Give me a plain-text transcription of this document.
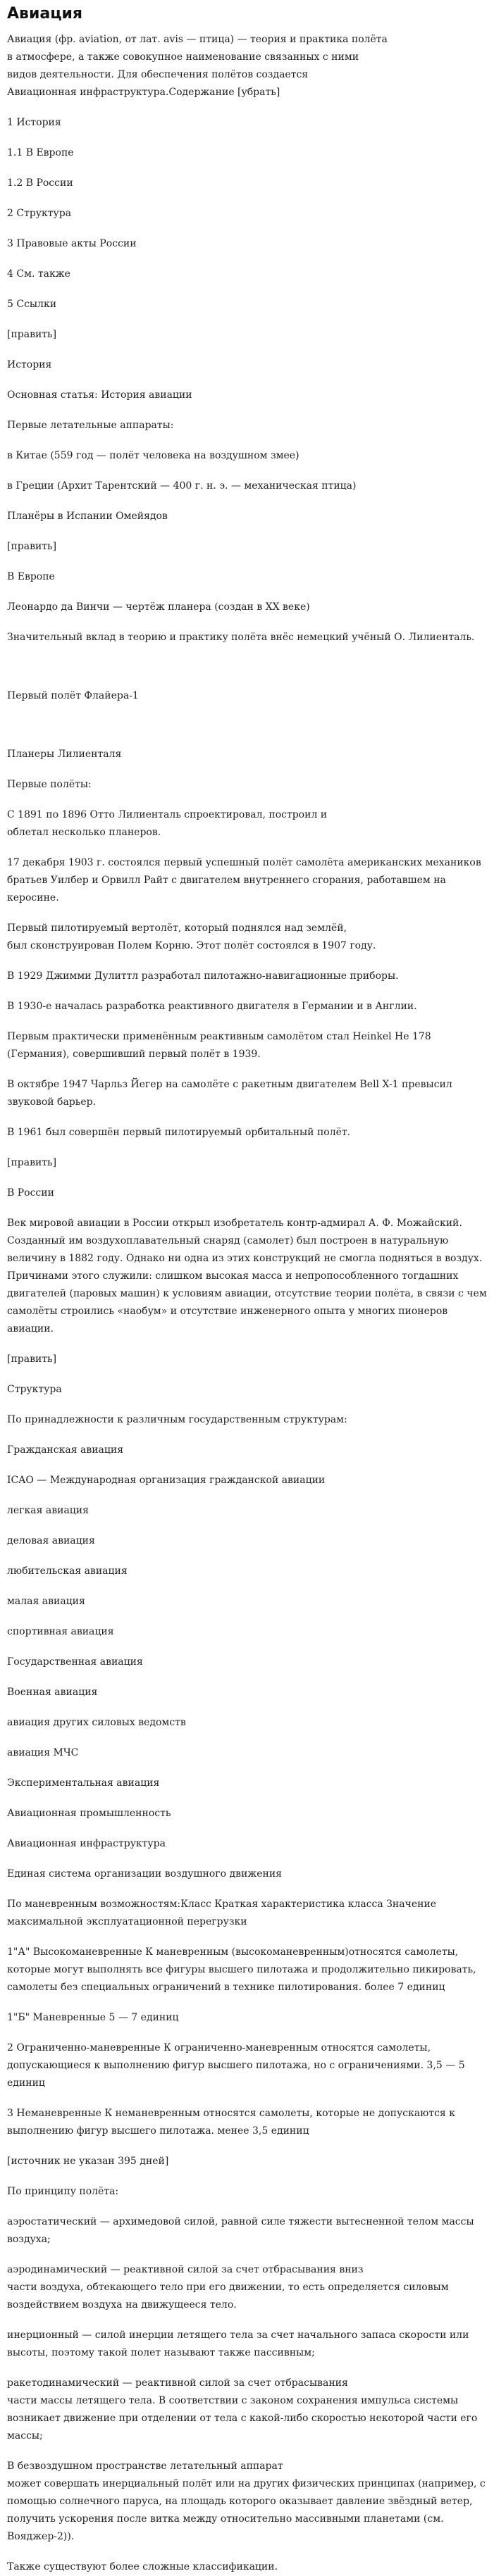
Авиация
Авиация (фр. aviation, от лат. avis — птица) — теория и практика полёта
в атмосфере, а также совокупное наименование связанных с ними
видов деятельности. Для обеспечения полётов создается
Авиационная инфраструктура.Содержание [убрать]

1 История

1.1 В Европе

1.2 В России

2 Структура

3 Правовые акты России

4 См. также

5 Ссылки

[править]

История

Основная статья: История авиации

Первые летательные аппараты:

в Китае (559 год — полёт человека на воздушном змее)

в Греции (Архит Тарентский — 400 г. н. э. — механическая птица)

Планёры в Испании Омейядов

[править]

В Европе

Леонардо да Винчи — чертёж планера (создан в XX веке)

Значительный вклад в теорию и практику полёта внёс немецкий учёный О. Лилиенталь.

Первый полёт Флайера-1

Планеры Лилиенталя

Первые полёты:

С 1891 по 1896 Отто Лилиенталь спроектировал, построил и
облетал несколько планеров.

17 декабря 1903 г. состоялся первый успешный полёт самолёта американских механиков братьев Уилбер и Орвилл Райт с двигателем внутреннего сгорания, работавшем на керосине.

Первый пилотируемый вертолёт, который поднялся над землёй,
был сконструирован Полем Корню. Этот полёт состоялся в 1907 году.

В 1929 Джимми Дулиттл разработал пилотажно-навигационные приборы.

В 1930-е началась разработка реактивного двигателя в Германии и в Англии.

Первым практически применённым реактивным самолётом стал Heinkel He 178 (Германия), совершивший первый полёт в 1939.

В октябре 1947 Чарльз Йегер на самолёте с ракетным двигателем Bell X-1 превысил звуковой барьер.

В 1961 был совершён первый пилотируемый орбитальный полёт.

[править]

В России

Век мировой авиации в России открыл изобретатель контр-адмирал А. Ф. Можайский. Созданный им воздухоплавательный снаряд (самолет) был построен в натуральную величину в 1882 году. Однако ни одна из этих конструкций не смогла подняться в воздух. Причинами этого служили: слишком высокая масса и непропособленного тогдашних двигателей (паровых машин) к условиям авиации, отсутствие теории полёта, в связи с чем самолёты строились «наобум» и отсутствие инженерного опыта у многих пионеров авиации.

[править]

Структура

По принадлежности к различным государственным структурам:

Гражданская авиация

ICAO — Международная организация гражданской авиации

легкая авиация

деловая авиация

любительская авиация

малая авиация

спортивная авиация

Государственная авиация

Военная авиация

авиация других силовых ведомств

авиация МЧС

Экспериментальная авиация

Авиационная промышленность

Авиационная инфраструктура

Единая система организации воздушного движения

По маневренным возможностям:Класс Краткая характеристика класса Значение максимальной эксплуатационной перегрузки

1"А" Высокоманевренные К маневренным (высокоманевренным)относятся самолеты, которые могут выполнять все фигуры высшего пилотажа и продолжительно пикировать, самолеты без специальных ограничений в технике пилотирования. более 7 единиц

1"Б" Маневренные 5 — 7 единиц

2 Ограниченно-маневренные К ограниченно-маневренным относятся самолеты, допускающиеся к выполнению фигур высшего пилотажа, но с ограничениями. 3,5 — 5 единиц

3 Неманевренные К неманевренным относятся самолеты, которые не допускаются к выполнению фигур высшего пилотажа. менее 3,5 единиц

[источник не указан 395 дней]

По принципу полёта:

аэростатический — архимедовой силой, равной силе тяжести вытесненной телом массы воздуха;

аэродинамический — реактивной силой за счет отбрасывания вниз
части воздуха, обтекающего тело при его движении, то есть определяется силовым воздействием воздуха на движущееся тело.

инерционный — силой инерции летящего тела за счет начального запаса скорости или высоты, поэтому такой полет называют также пассивным;

ракетодинамический — реактивной силой за счет отбрасывания
части массы летящего тела. В соответствии с законом сохранения импульса системы возникает движение при отделении от тела с какой-либо скоростью некоторой части его массы;

В безвоздушном пространстве летательный аппарат
может совершать инерциальный полёт или на других физических принципах (например, с помощью солнечного паруса, на площадь которого оказывает давление звёздный ветер, получить ускорения после витка между относительно массивными планетами (см. Вояджер-2)).

Также существуют более сложные классификации.
